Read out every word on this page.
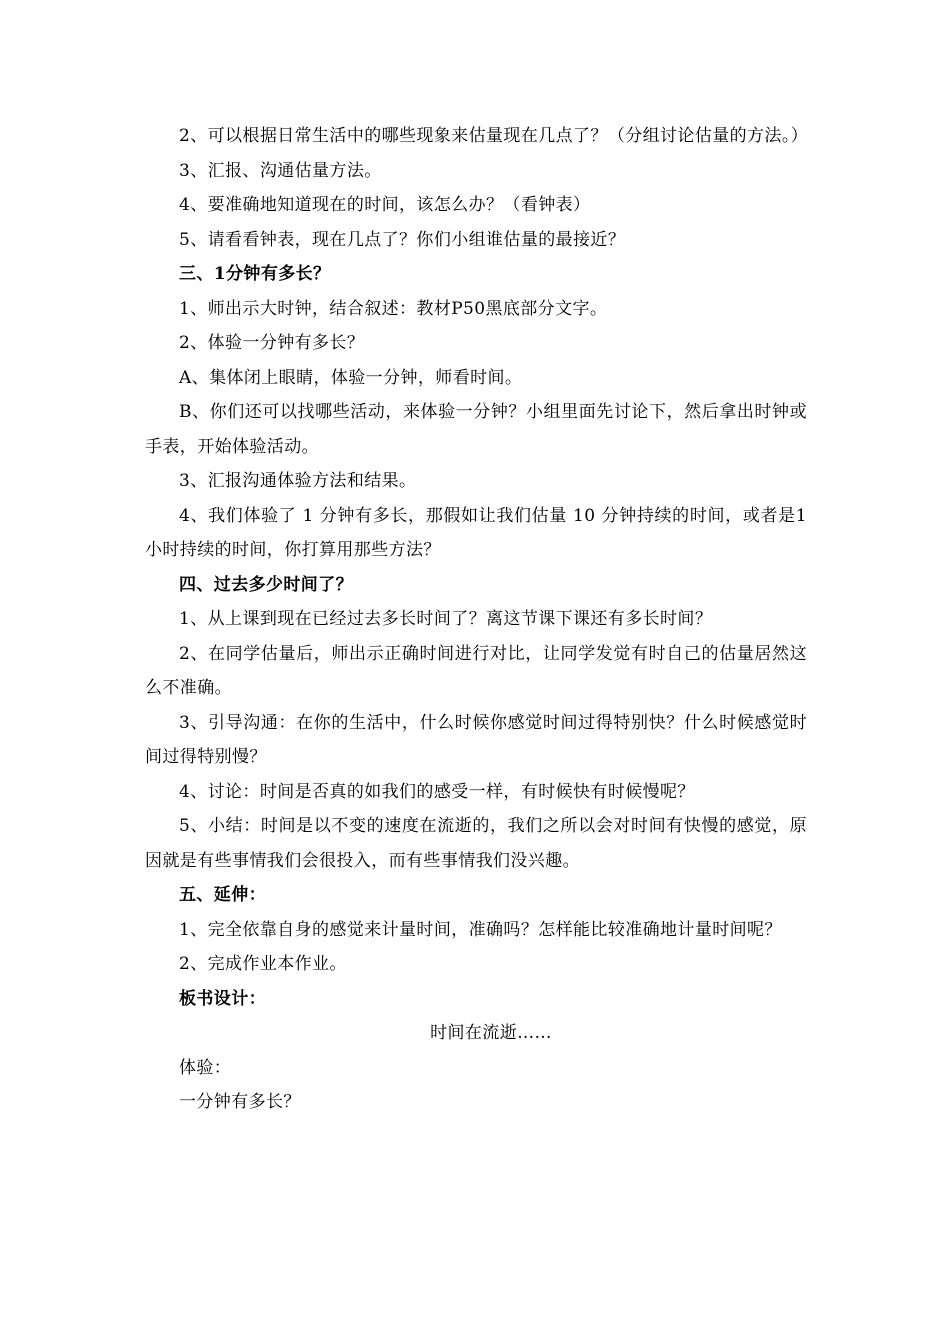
2、可以根据日常生活中的哪些现象来估量现在几点了？（分组讨论估量的方法。）

3、汇报、沟通估量方法。

4、要准确地知道现在的时间，该怎么办？（看钟表）

5、请看看钟表，现在几点了？你们小组谁估量的最接近？

三、1分钟有多长？

1、师出示大时钟，结合叙述：教材P50黑底部分文字。

2、体验一分钟有多长？

A、集体闭上眼睛，体验一分钟，师看时间。

B、你们还可以找哪些活动，来体验一分钟？小组里面先讨论下，然后拿出时钟或手表，开始体验活动。

3、汇报沟通体验方法和结果。

4、我们体验了 1 分钟有多长，那假如让我们估量 10 分钟持续的时间，或者是1小时持续的时间，你打算用那些方法？

四、过去多少时间了？

1、从上课到现在已经过去多长时间了？离这节课下课还有多长时间？

2、在同学估量后，师出示正确时间进行对比，让同学发觉有时自己的估量居然这么不准确。

3、引导沟通：在你的生活中，什么时候你感觉时间过得特别快？什么时候感觉时间过得特别慢？

4、讨论：时间是否真的如我们的感受一样，有时候快有时候慢呢？

5、小结：时间是以不变的速度在流逝的，我们之所以会对时间有快慢的感觉，原因就是有些事情我们会很投入，而有些事情我们没兴趣。

五、延伸：

1、完全依靠自身的感觉来计量时间，准确吗？怎样能比较准确地计量时间呢？

2、完成作业本作业。

板书设计：

时间在流逝……

体验：

一分钟有多长？
